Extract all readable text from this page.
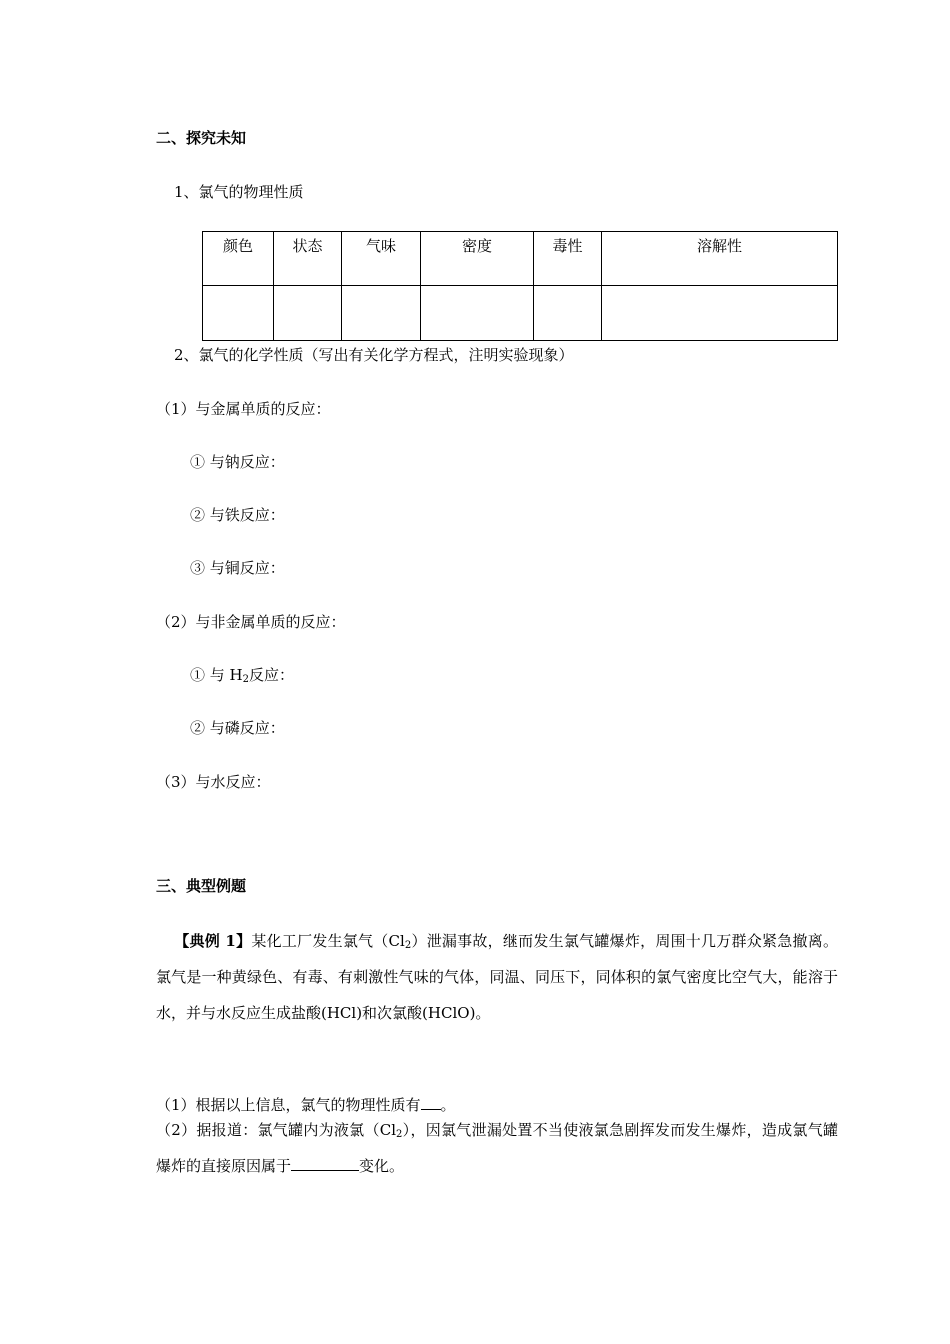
二、探究未知
1、氯气的物理性质
颜色	状态	气味	密度	毒性	溶解性

2、氯气的化学性质（写出有关化学方程式，注明实验现象）
（1）与金属单质的反应：
① 与钠反应：
② 与铁反应：
③ 与铜反应：
（2）与非金属单质的反应：
① 与 $H_2$反应：
② 与磷反应：
（3）与水反应：
三、典型例题
【典例 1】某化工厂发生氯气$(Cl_2)$泄漏事故，继而发生氯气罐爆炸，周围十几万群众紧急撤离。氯气是一种黄绿色、有毒、有刺激性气味的气体，同温、同压下，同体积的氯气密度比空气大，能溶于水，并与水反应生成盐酸(HCl)和次氯酸(HClO)。
（1）根据以上信息，氯气的物理性质有 。
（2）据报道：氯气罐内为液氯$(Cl_2)$，因氯气泄漏处置不当使液氯急剧挥发而发生爆炸，造成氯气罐爆炸的直接原因属于	变化。
